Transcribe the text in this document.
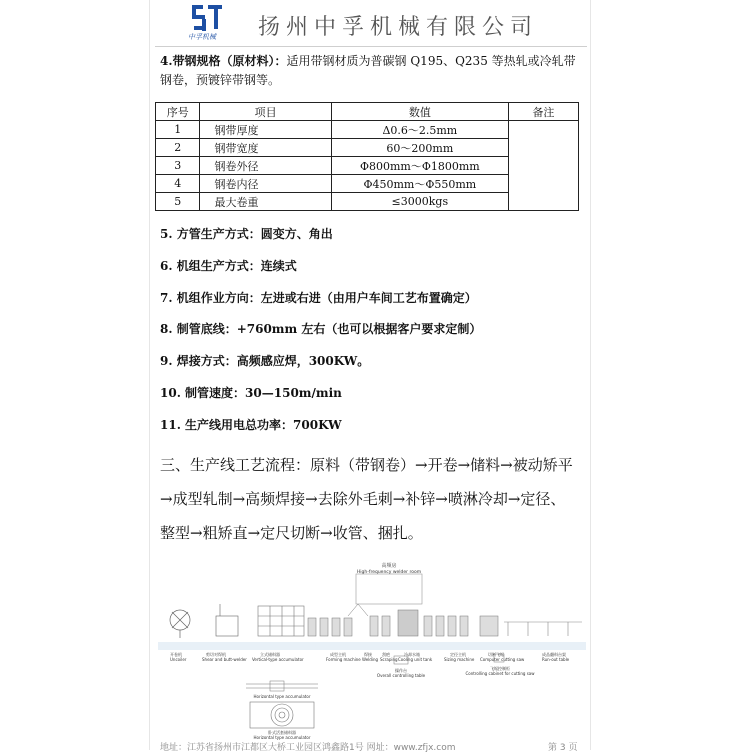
中孚机械 扬州中孚机械有限公司
4.带钢规格（原材料）：适用带钢材质为普碳钢 Q195、Q235 等热轧或冷轧带钢卷，预镀锌带钢等。
序号	项目	数值	备注
1	钢带厚度	Δ0.6～2.5mm	
2	钢带宽度	60～200mm	
3	钢卷外径	Φ800mm～Φ1800mm	
4	钢卷内径	Φ450mm～Φ550mm	
5	最大卷重	≤3000kgs	
5. 方管生产方式：圆变方、角出
6. 机组生产方式：连续式
7. 机组作业方向：左进或右进（由用户车间工艺布置确定）
8. 制管底线：+760mm 左右（也可以根据客户要求定制）
9. 焊接方式：高频感应焊，300KW。
10. 制管速度：30—150m/min
11. 生产线用电总功率：700KW
三、生产线工艺流程：原料（带钢卷）→开卷→储料→被动矫平→成型轧制→高频焊接→去除外毛刺→补锌→喷淋冷却→定径、整型→粗矫直→定尺切断→收管、捆扎。
高频房
High-frequency welder room
开卷机
Uncoiler
剪切对焊机
Shear and butt-welder
立式储料器
Vertical-type accumulator
成型主机
Forming machine
焊接
Welding
刮疤
Scraping
冷却水箱
Cooling unit tank
定径主机
Sizing machine
切断飞锯
Computer cutting saw
成品翻料台架
Run-out table
操作台
Overall controlling table
飞锯控制柜
Controlling cabinet for cutting saw
Horizontal type accumulator
卧式活套储料器
Horizontal type accumulator
地址：江苏省扬州市江都区大桥工业园区鸿鑫路1号 网址：www.zfjx.com	第 3 页
